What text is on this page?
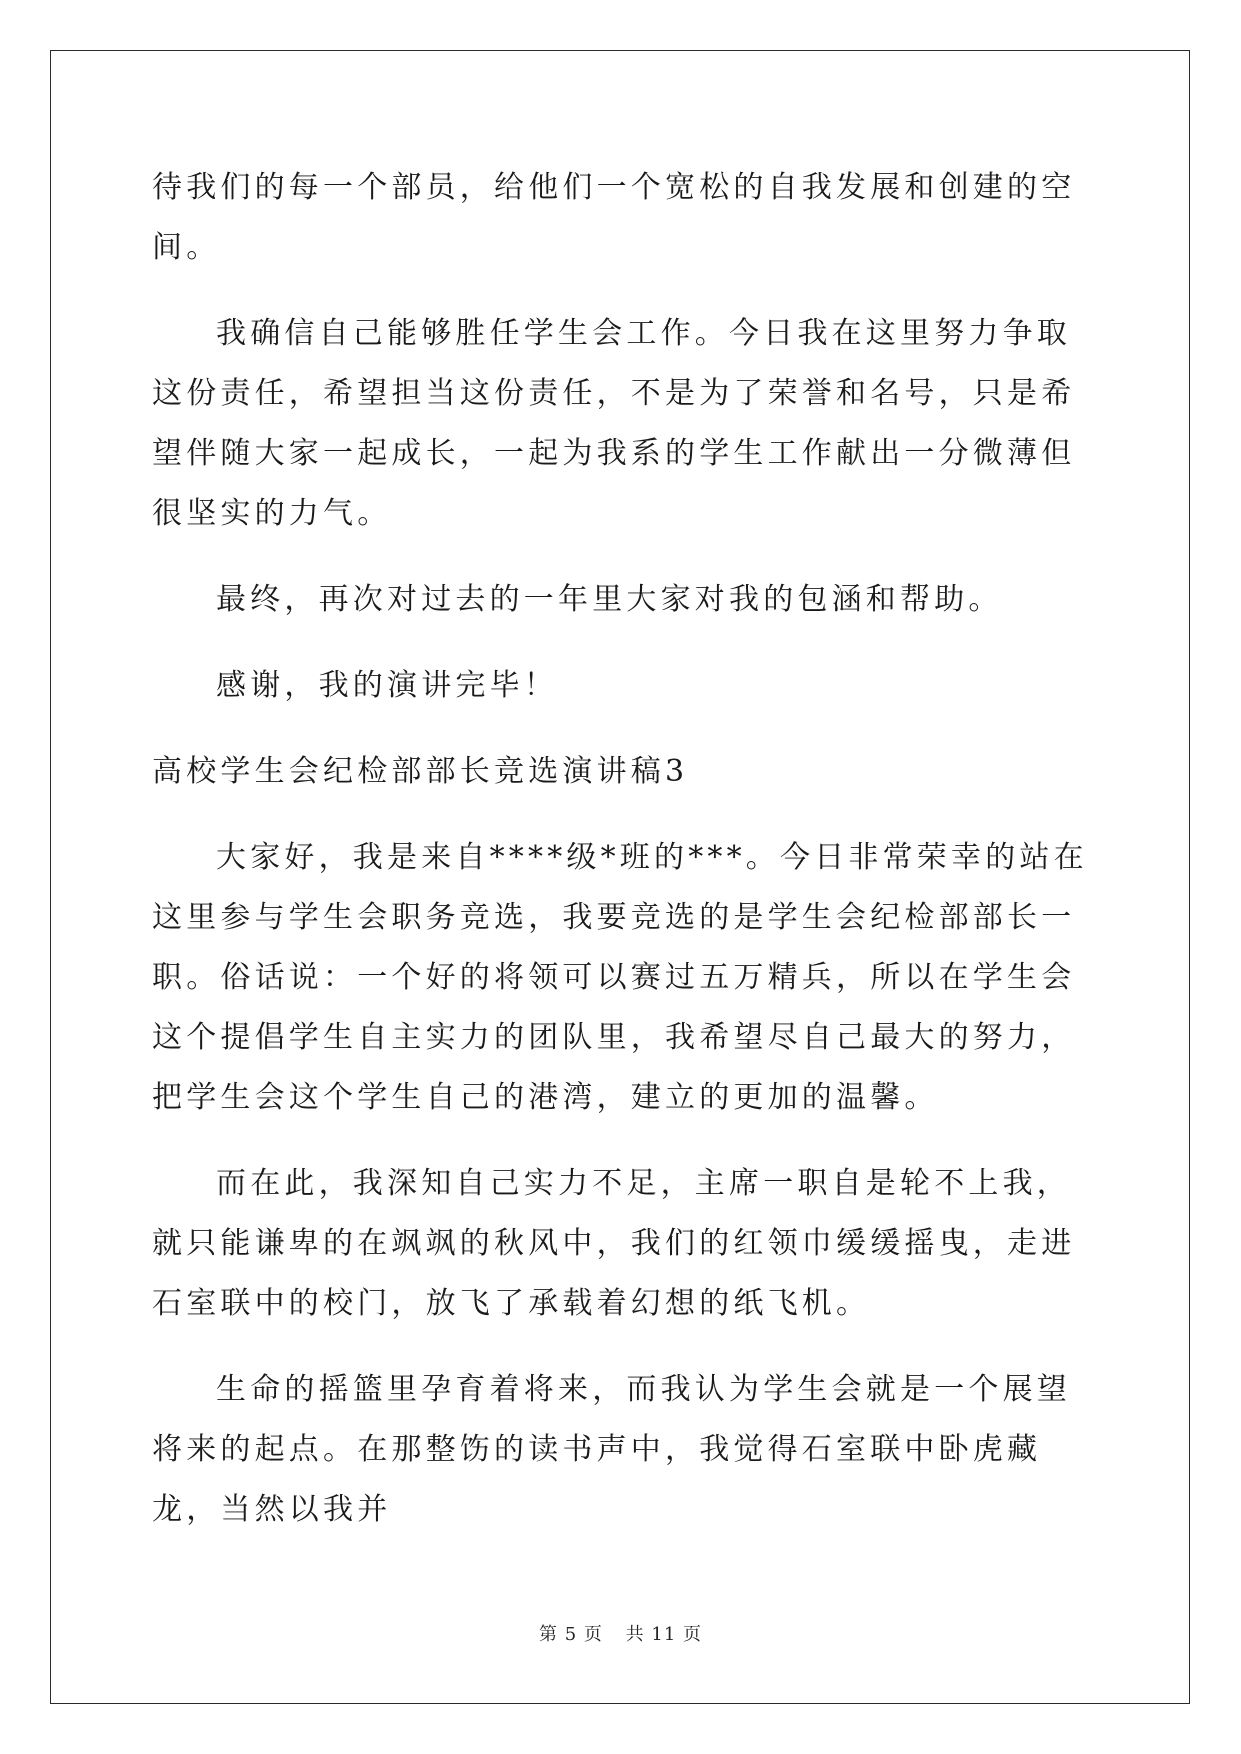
待我们的每一个部员，给他们一个宽松的自我发展和创建的空间。

我确信自己能够胜任学生会工作。今日我在这里努力争取这份责任，希望担当这份责任，不是为了荣誉和名号，只是希望伴随大家一起成长，一起为我系的学生工作献出一分微薄但很坚实的力气。

最终，再次对过去的一年里大家对我的包涵和帮助。

感谢，我的演讲完毕！

高校学生会纪检部部长竞选演讲稿3

大家好，我是来自****级*班的***。今日非常荣幸的站在这里参与学生会职务竞选，我要竞选的是学生会纪检部部长一职。俗话说：一个好的将领可以赛过五万精兵，所以在学生会这个提倡学生自主实力的团队里，我希望尽自己最大的努力，把学生会这个学生自己的港湾，建立的更加的温馨。

而在此，我深知自己实力不足，主席一职自是轮不上我，就只能谦卑的在飒飒的秋风中，我们的红领巾缓缓摇曳，走进石室联中的校门，放飞了承载着幻想的纸飞机。

生命的摇篮里孕育着将来，而我认为学生会就是一个展望将来的起点。在那整饬的读书声中，我觉得石室联中卧虎藏龙，当然以我并

第 5 页 共 11 页
